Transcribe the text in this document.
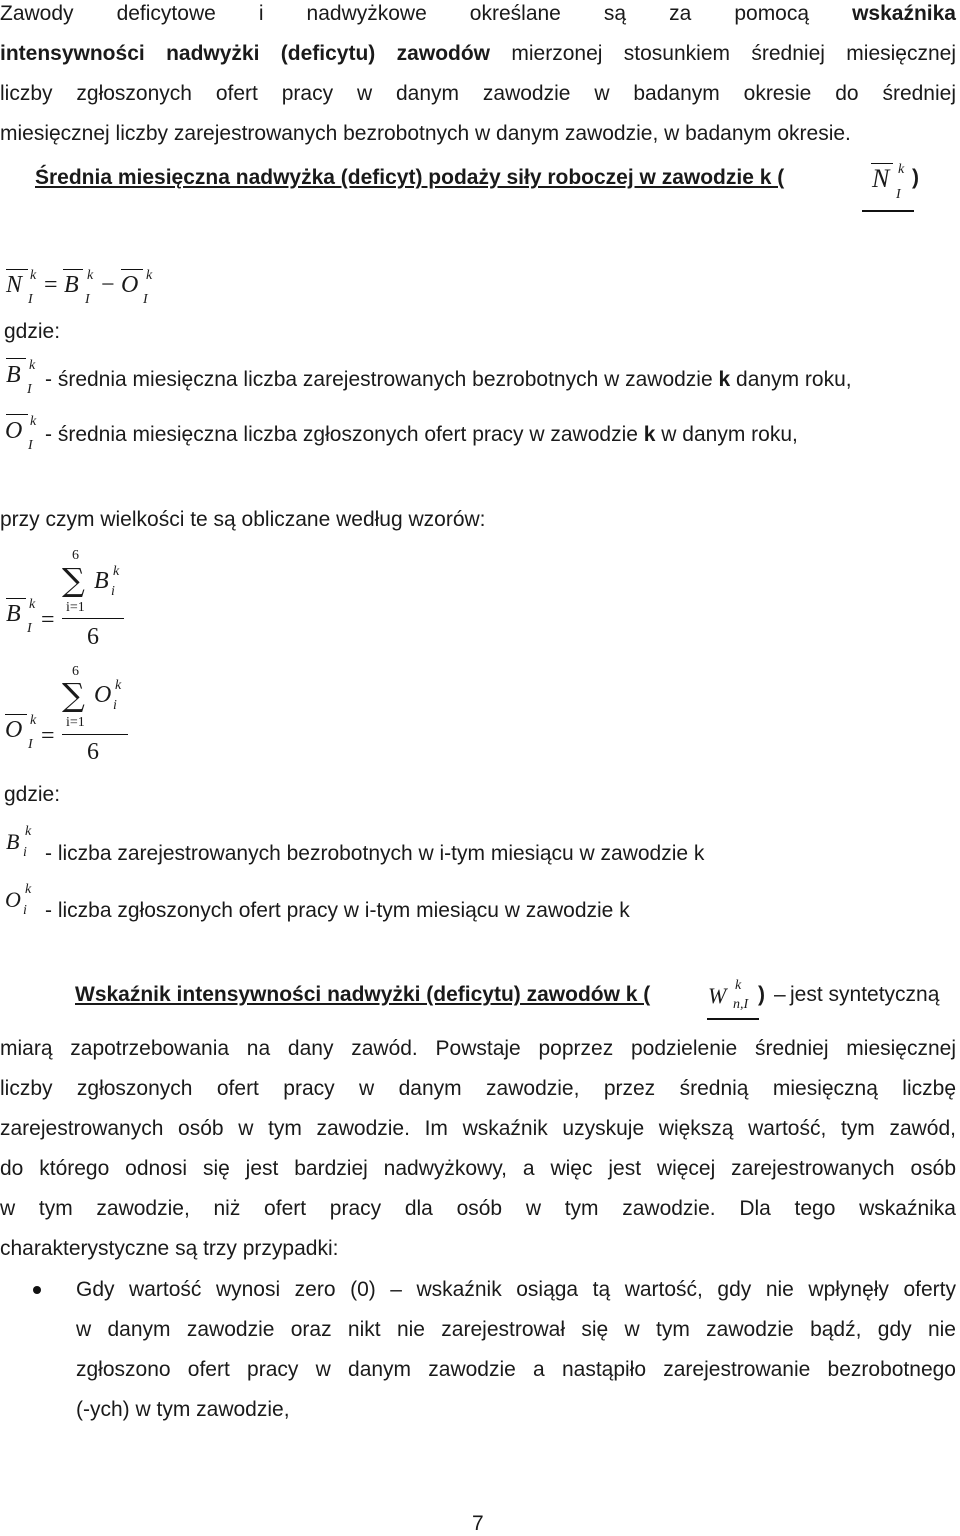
Zawody deficytowe i nadwyżkowe określane są za pomocą wskaźnika
intensywności nadwyżki (deficytu) zawodów mierzonej stosunkiem średniej miesięcznej
liczby zgłoszonych ofert pracy w danym zawodzie w badanym okresie do średniej
miesięcznej liczby zarejestrowanych bezrobotnych w danym zawodzie, w badanym okresie.
Średnia miesięczna nadwyżka (deficyt) podaży siły roboczej w zawodzie k (	N k
I
)
N k
I
= B k
I
− O k
I
gdzie:
B k
I - średnia miesięczna liczba zarejestrowanych bezrobotnych w zawodzie k danym roku,
O k
I - średnia miesięczna liczba zgłoszonych ofert pracy w zawodzie k w danym roku,
przy czym wielkości te są obliczane według wzorów:
B k
I =
6
∑
i=1
B k
i
6
O k
I =
6
∑
i=1
O k
i
6
gdzie:
B k
i - liczba zarejestrowanych bezrobotnych w i-tym miesiącu w zawodzie k
O k
i - liczba zgłoszonych ofert pracy w i-tym miesiącu w zawodzie k
Wskaźnik intensywności nadwyżki (deficytu) zawodów k (	W k
n,I ) – jest syntetyczną
miarą zapotrzebowania na dany zawód. Powstaje poprzez podzielenie średniej miesięcznej
liczby zgłoszonych ofert pracy w danym zawodzie, przez średnią miesięczną liczbę
zarejestrowanych osób w tym zawodzie. Im wskaźnik uzyskuje większą wartość, tym zawód,
do którego odnosi się jest bardziej nadwyżkowy, a więc jest więcej zarejestrowanych osób
w tym zawodzie, niż ofert pracy dla osób w tym zawodzie. Dla tego wskaźnika
charakterystyczne są trzy przypadki:
Gdy wartość wynosi zero (0) – wskaźnik osiąga tą wartość, gdy nie wpłynęły oferty
w danym zawodzie oraz nikt nie zarejestrował się w tym zawodzie bądź, gdy nie
zgłoszono ofert pracy w danym zawodzie a nastąpiło zarejestrowanie bezrobotnego
(-ych) w tym zawodzie,
7
